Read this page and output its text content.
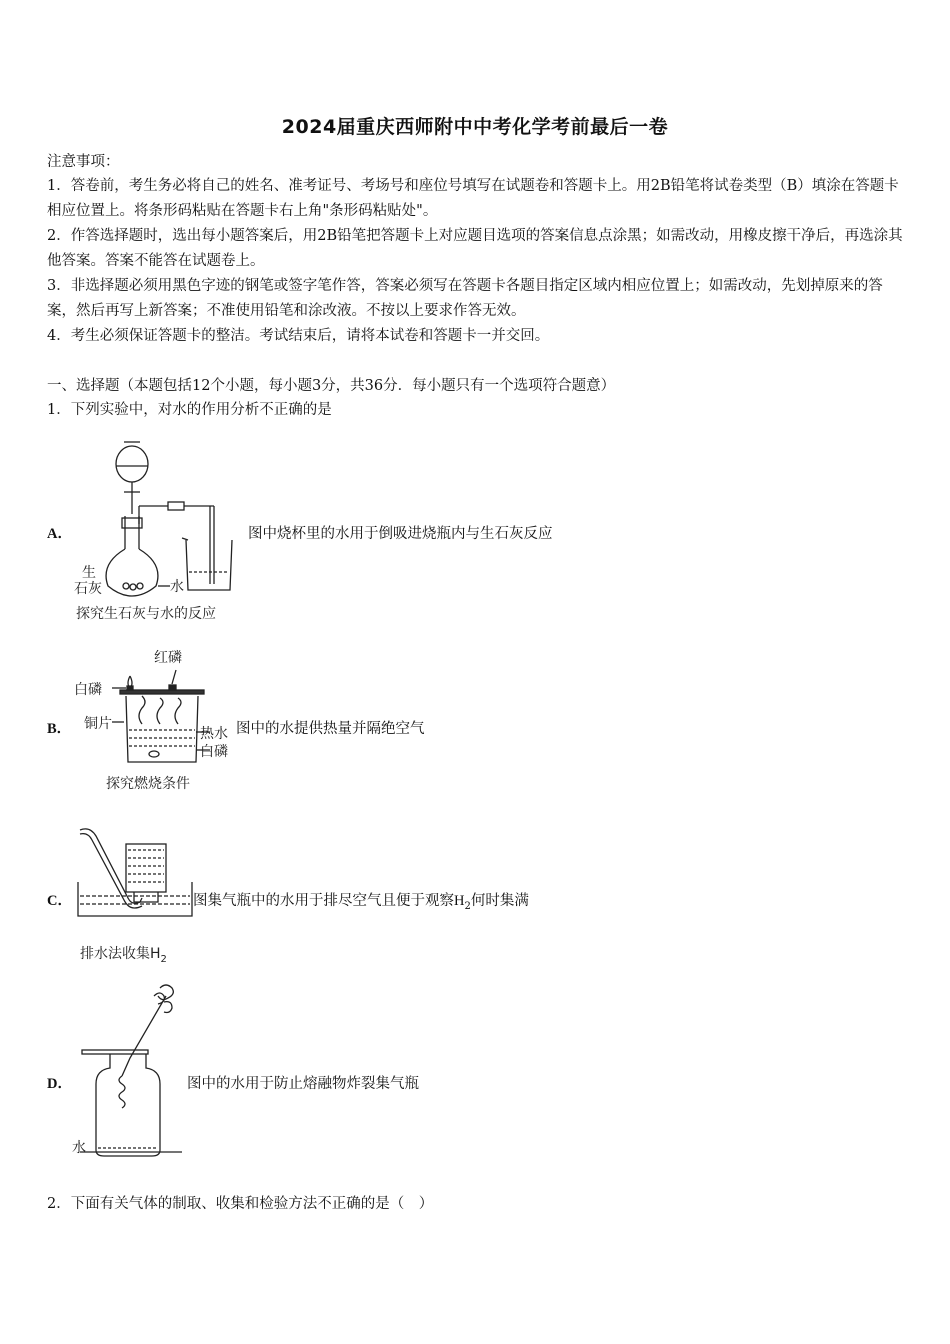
2024届重庆西师附中中考化学考前最后一卷
注意事项：
1．答卷前，考生务必将自己的姓名、准考证号、考场号和座位号填写在试题卷和答题卡上。用2B铅笔将试卷类型（B）填涂在答题卡相应位置上。将条形码粘贴在答题卡右上角"条形码粘贴处"。
2．作答选择题时，选出每小题答案后，用2B铅笔把答题卡上对应题目选项的答案信息点涂黑；如需改动，用橡皮擦干净后，再选涂其他答案。答案不能答在试题卷上。
3．非选择题必须用黑色字迹的钢笔或签字笔作答，答案必须写在答题卡各题目指定区域内相应位置上；如需改动，先划掉原来的答案，然后再写上新答案；不准使用铅笔和涂改液。不按以上要求作答无效。
4．考生必须保证答题卡的整洁。考试结束后，请将本试卷和答题卡一并交回。
一、选择题（本题包括12个小题，每小题3分，共36分．每小题只有一个选项符合题意）
1．下列实验中，对水的作用分析不正确的是
A．
生
石灰	水
探究生石灰与水的反应
图中烧杯里的水用于倒吸进烧瓶内与生石灰反应
B．
红磷
白磷
铜片
热水
白磷
探究燃烧条件
图中的水提供热量并隔绝空气
C．
排水法收集$H_2$
图集气瓶中的水用于排尽空气且便于观察$H_2$何时集满
D．
水
图中的水用于防止熔融物炸裂集气瓶
2．下面有关气体的制取、收集和检验方法不正确的是（　）
